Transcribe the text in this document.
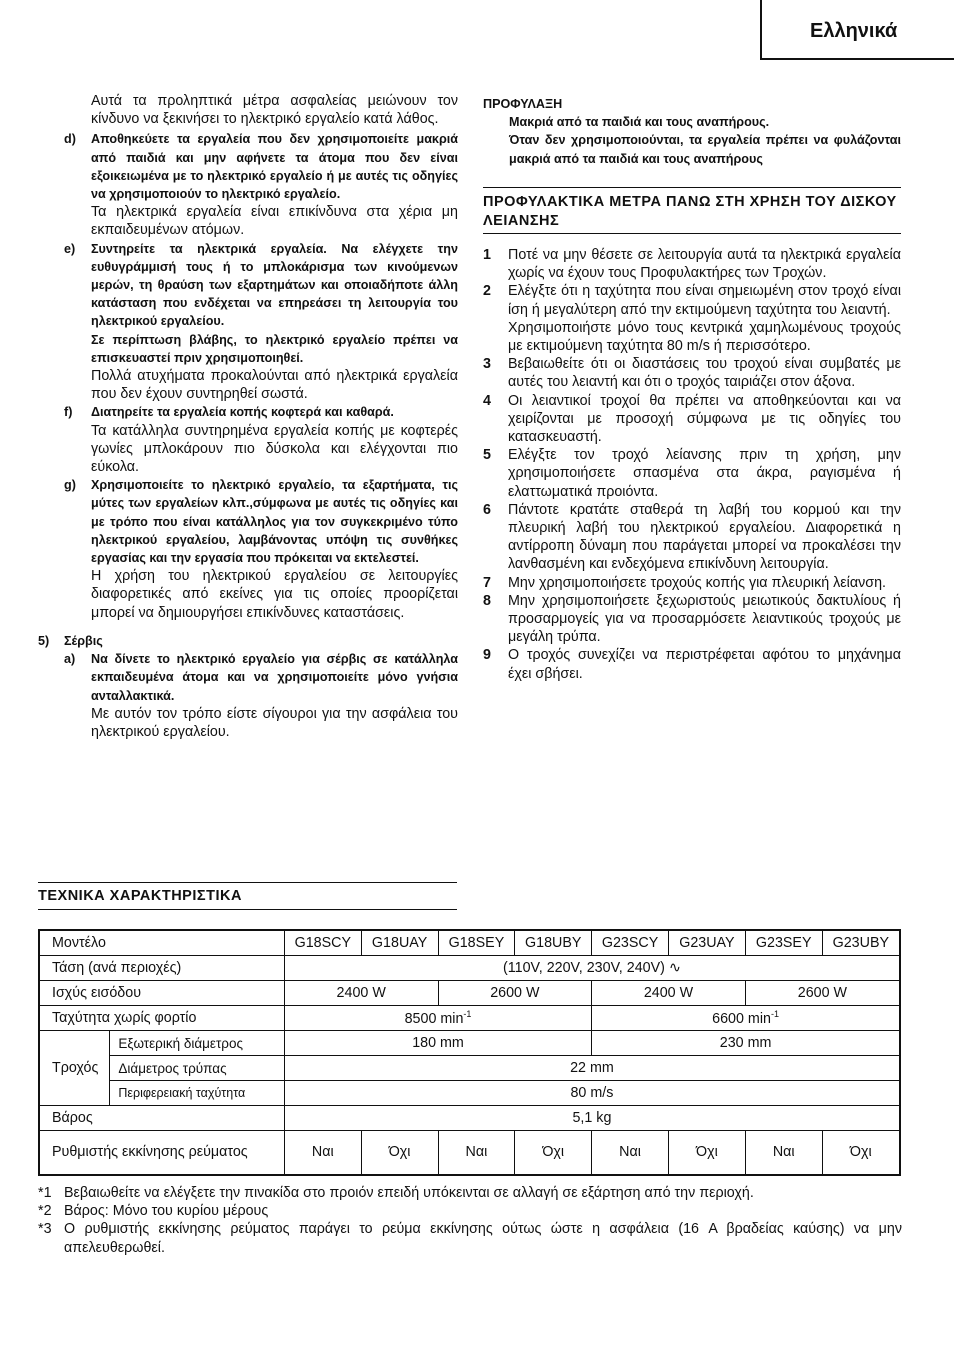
Ελληνικά
Αυτά τα προληπτικά μέτρα ασφαλείας μειώνουν τον κίνδυνο να ξεκινήσει το ηλεκτρικό εργαλείο κατά λάθος.
d) Αποθηκεύετε τα εργαλεία που δεν χρησιμοποιείτε μακριά από παιδιά και μην αφήνετε τα άτομα που δεν είναι εξοικειωμένα με το ηλεκτρικό εργαλείο ή με αυτές τις οδηγίες να χρησιμοποιούν το ηλεκτρικό εργαλείο.
Τα ηλεκτρικά εργαλεία είναι επικίνδυνα στα χέρια μη εκπαιδευμένων ατόμων.
e) Συντηρείτε τα ηλεκτρικά εργαλεία. Να ελέγχετε την ευθυγράμμισή τους ή το μπλοκάρισμα των κινούμενων μερών, τη θραύση των εξαρτημάτων και οποιαδήποτε άλλη κατάσταση που ενδέχεται να επηρεάσει τη λειτουργία του ηλεκτρικού εργαλείου.
Σε περίπτωση βλάβης, το ηλεκτρικό εργαλείο πρέπει να επισκευαστεί πριν χρησιμοποιηθεί.
Πολλά ατυχήματα προκαλούνται από ηλεκτρικά εργαλεία που δεν έχουν συντηρηθεί σωστά.
f) Διατηρείτε τα εργαλεία κοπής κοφτερά και καθαρά.
Τα κατάλληλα συντηρημένα εργαλεία κοπής με κοφτερές γωνίες μπλοκάρουν πιο δύσκολα και ελέγχονται πιο εύκολα.
g) Χρησιμοποιείτε το ηλεκτρικό εργαλείο, τα εξαρτήματα, τις μύτες των εργαλείων κλπ.,σύμφωνα με αυτές τις οδηγίες και με τρόπο που είναι κατάλληλος για τον συγκεκριμένο τύπο ηλεκτρικού εργαλείου, λαμβάνοντας υπόψη τις συνθήκες εργασίας και την εργασία που πρόκειται να εκτελεστεί.
Η χρήση του ηλεκτρικού εργαλείου σε λειτουργίες διαφορετικές από εκείνες για τις οποίες προορίζεται μπορεί να δημιουργήσει επικίνδυνες καταστάσεις.
5) Σέρβις
a) Να δίνετε το ηλεκτρικό εργαλείο για σέρβις σε κατάλληλα εκπαιδευμένα άτομα και να χρησιμοποιείτε μόνο γνήσια ανταλλακτικά.
Με αυτόν τον τρόπο είστε σίγουροι για την ασφάλεια του ηλεκτρικού εργαλείου.
ΠΡΟΦΥΛΑΞΗ
Μακριά από τα παιδιά και τους αναπήρους.
Όταν δεν χρησιμοποιούνται, τα εργαλεία πρέπει να φυλάζονται μακριά από τα παιδιά και τους αναπήρους
ΠΡΟΦΥΛΑΚΤΙΚΑ ΜΕΤΡΑ ΠΑΝΩ ΣΤΗ ΧΡΗΣΗ ΤΟΥ ΔΙΣΚΟΥ ΛΕΙΑΝΣΗΣ
1 Ποτέ να μην θέσετε σε λειτουργία αυτά τα ηλεκτρικά εργαλεία χωρίς να έχουν τους Προφυλακτήρες των Τροχών.
2 Ελέγξτε ότι η ταχύτητα που είναι σημειωμένη στον τροχό είναι ίση ή μεγαλύτερη από την εκτιμούμενη ταχύτητα του λειαντή.
Χρησιμοποιήστε μόνο τους κεντρικά χαμηλωμένους τροχούς με εκτιμούμενη ταχύτητα 80 m/s ή περισσότερο.
3 Βεβαιωθείτε ότι οι διαστάσεις του τροχού είναι συμβατές με αυτές του λειαντή και ότι ο τροχός ταιριάζει στον άξονα.
4 Οι λειαντικοί τροχοί θα πρέπει να αποθηκεύονται και να χειρίζονται με προσοχή σύμφωνα με τις οδηγίες του κατασκευαστή.
5 Ελέγξτε τον τροχό λείανσης πριν τη χρήση, μην χρησιμοποιήσετε σπασμένα στα άκρα, ραγισμένα ή ελαττωματικά προιόντα.
6 Πάντοτε κρατάτε σταθερά τη λαβή του κορμού και την πλευρική λαβή του ηλεκτρικού εργαλείου. Διαφορετικά η αντίρροπη δύναμη που παράγεται μπορεί να προκαλέσει την λανθασμένη και ενδεχόμενα επικίνδυνη λειτουργία.
7 Μην χρησιμοποιήσετε τροχούς κοπής για πλευρική λείανση.
8 Μην χρησιμοποιήσετε ξεχωριστούς μειωτικούς δακτυλίους ή προσαρμογείς για να προσαρμόσετε λειαντικούς τροχούς με μεγάλη τρύπα.
9 Ο τροχός συνεχίζει να περιστρέφεται αφότου το μηχάνημα έχει σβήσει.
ΤΕΧΝΙΚΑ ΧΑΡΑΚΤΗΡΙΣΤΙΚΑ
Μοντέλο		G18SCY	G18UAY	G18SEY	G18UBY	G23SCY	G23UAY	G23SEY	G23UBY
Τάση (ανά περιοχές)		(110V, 220V, 230V, 240V) ∿							
Ισχύς εισόδου		2400 W		2600 W		2400 W		2600 W	
Ταχύτητα χωρίς φορτίο		8500 $\min^{-1}$				6600 $\min^{-1}$
Τροχός	Εξωτερική διάμετρος	180 mm				230 mm			
	Διάμετρος τρύπας	22 mm							
	Περιφερειακή ταχύτητα	80 m/s							
Βάρος		5,1 kg							
Ρυθμιστής εκκίνησης ρεύματος		Ναι	Όχι	Ναι	Όχι	Ναι	Όχι	Ναι	Όχι
*1 Βεβαιωθείτε να ελέγξετε την πινακίδα στο προιόν επειδή υπόκεινται σε αλλαγή σε εξάρτηση από την περιοχή.
*2 Βάρος: Μόνο του κυρίου μέρους
*3 Ο ρυθμιστής εκκίνησης ρεύματος παράγει το ρεύμα εκκίνησης ούτως ώστε η ασφάλεια (16 A βραδείας καύσης) να μην απελευθερωθεί.
